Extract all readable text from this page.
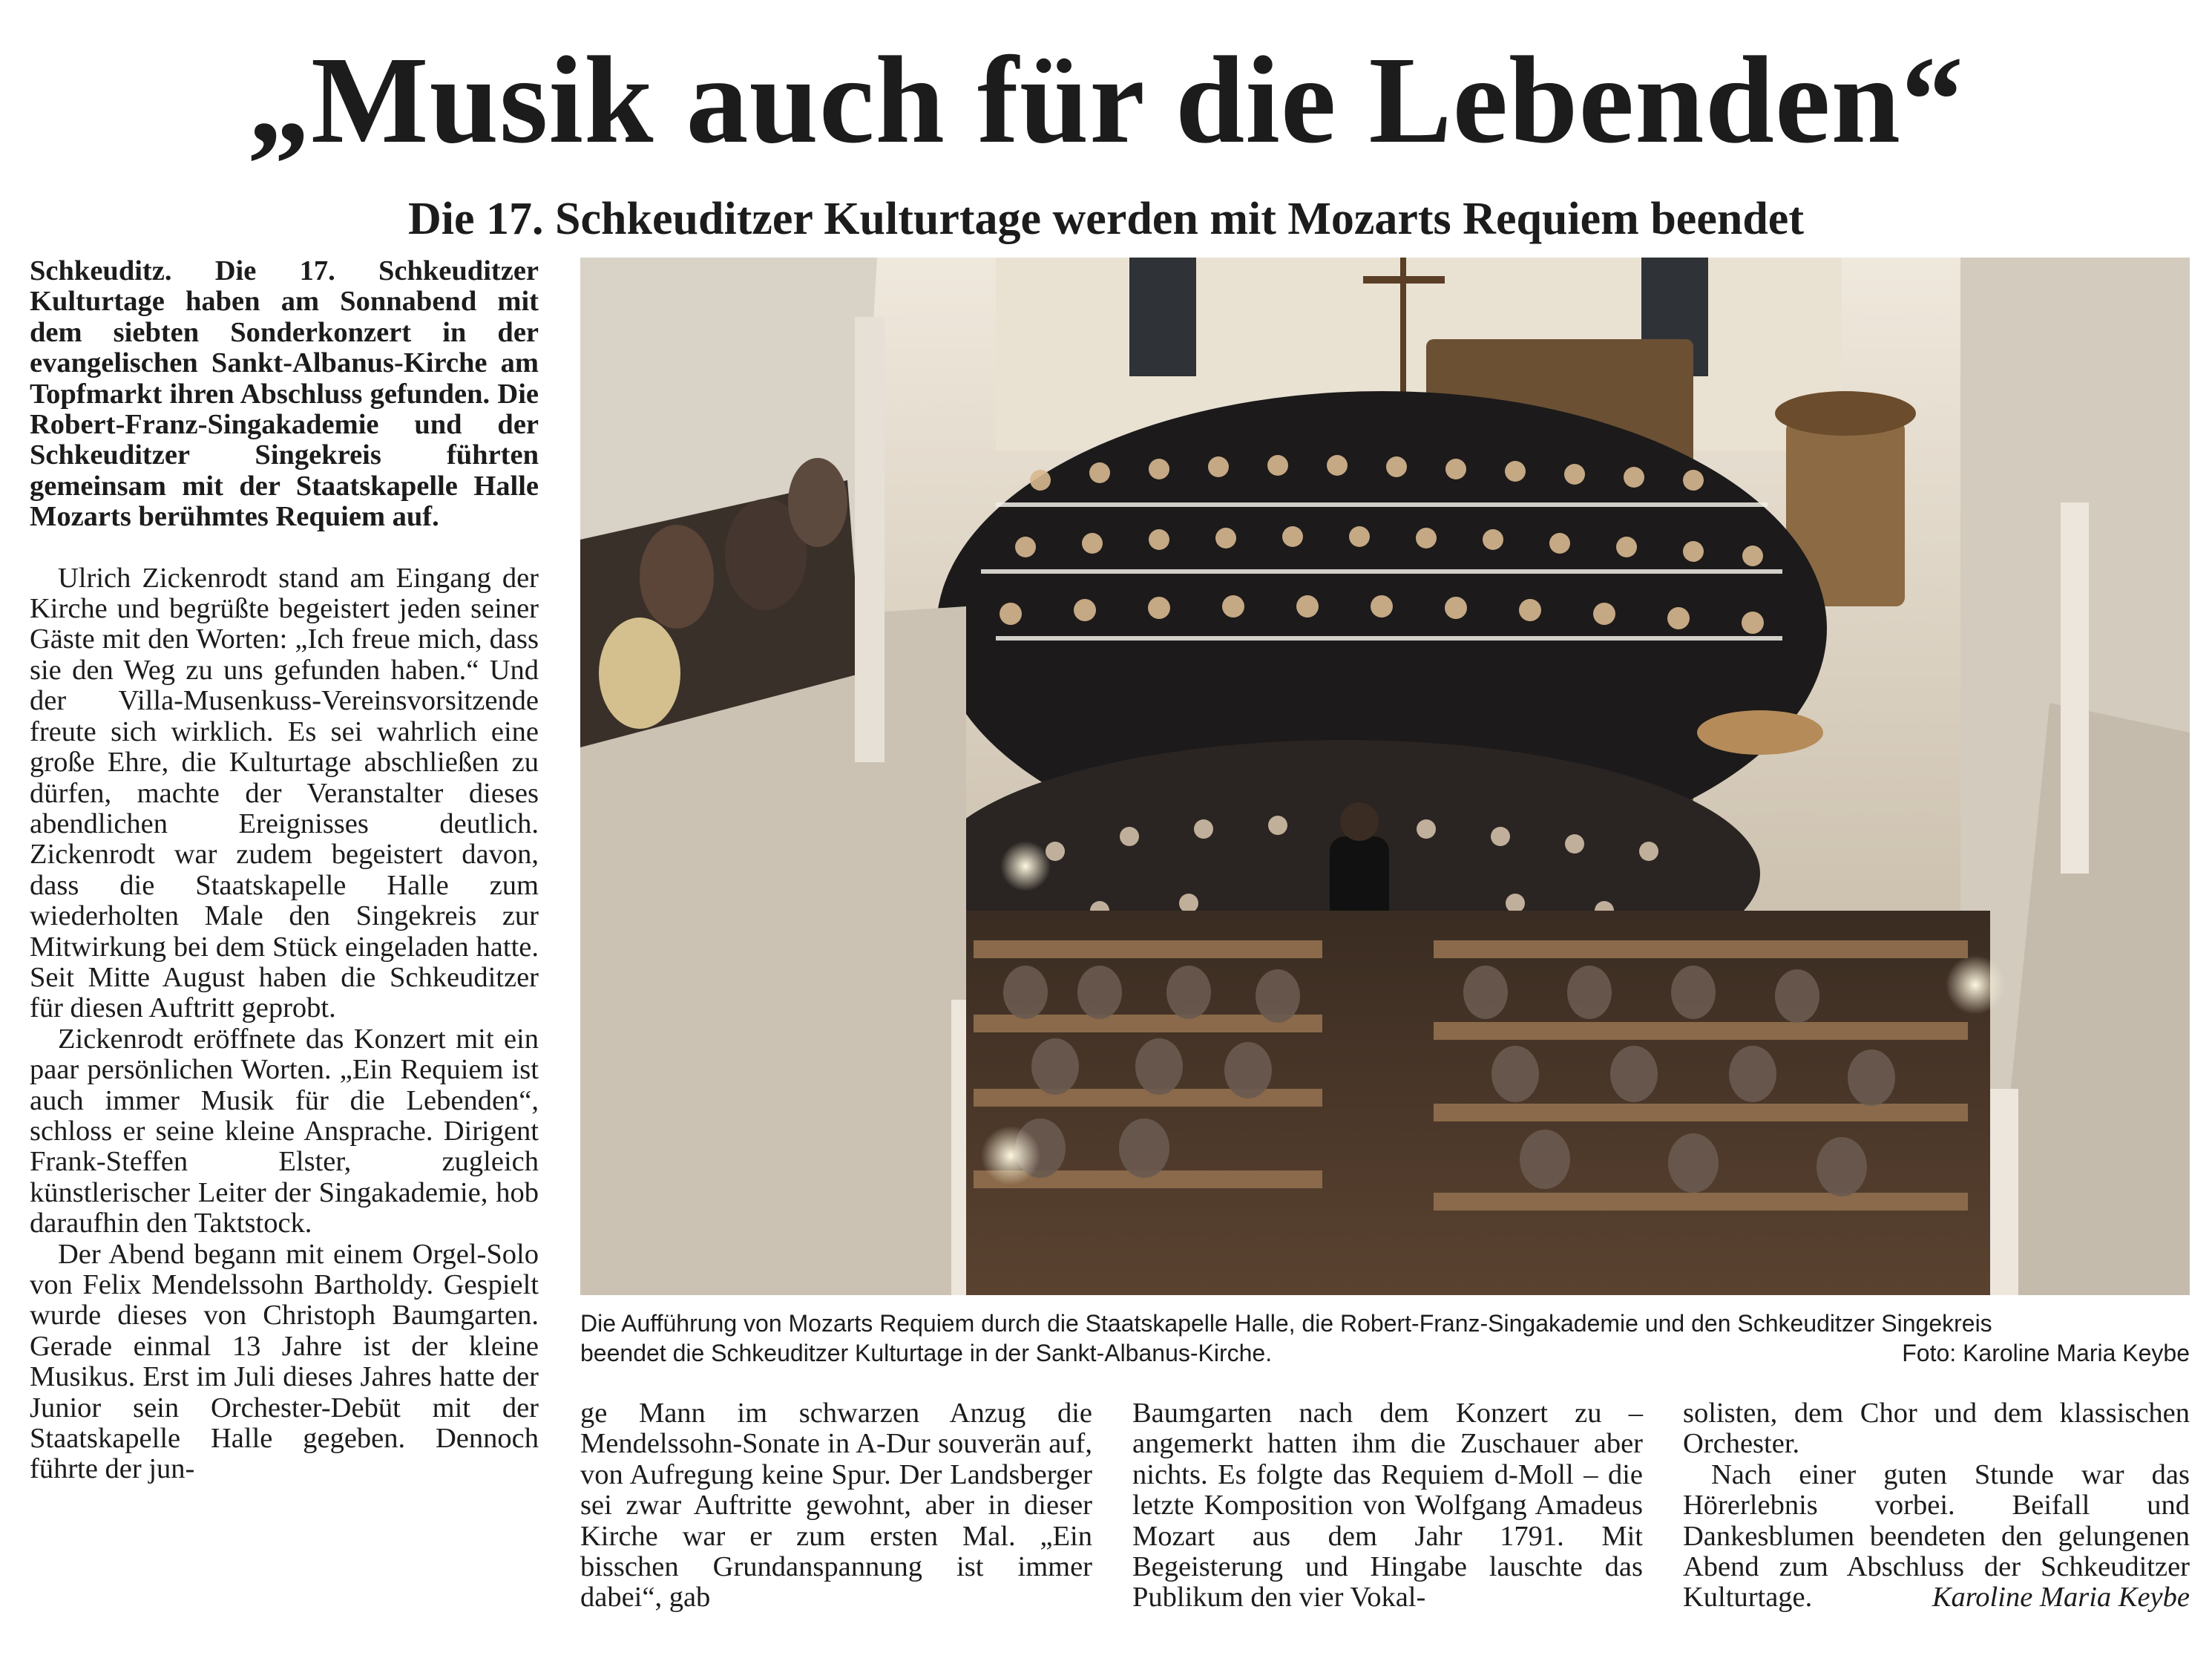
„Musik auch für die Lebenden“
Die 17. Schkeuditzer Kulturtage werden mit Mozarts Requiem beendet

Schkeuditz. Die 17. Schkeuditzer Kulturtage haben am Sonnabend mit dem siebten Sonderkonzert in der evangelischen Sankt-Albanus-Kirche am Topfmarkt ihren Abschluss gefunden. Die Robert-Franz-Singakademie und der Schkeuditzer Singekreis führten gemeinsam mit der Staatskapelle Halle Mozarts berühmtes Requiem auf.

Ulrich Zickenrodt stand am Eingang der Kirche und begrüßte begeistert jeden seiner Gäste mit den Worten: „Ich freue mich, dass sie den Weg zu uns gefunden haben.“ Und der Villa-Musenkuss-Vereinsvorsitzende freute sich wirklich. Es sei wahrlich eine große Ehre, die Kulturtage abschließen zu dürfen, machte der Veranstalter dieses abendlichen Ereignisses deutlich. Zickenrodt war zudem begeistert davon, dass die Staatskapelle Halle zum wiederholten Male den Singekreis zur Mitwirkung bei dem Stück eingeladen hatte. Seit Mitte August haben die Schkeuditzer für diesen Auftritt geprobt.

Zickenrodt eröffnete das Konzert mit ein paar persönlichen Worten. „Ein Requiem ist auch immer Musik für die Lebenden“, schloss er seine kleine Ansprache. Dirigent Frank-Steffen Elster, zugleich künstlerischer Leiter der Singakademie, hob daraufhin den Taktstock.

Der Abend begann mit einem Orgel-Solo von Felix Mendelssohn Bartholdy. Gespielt wurde dieses von Christoph Baumgarten. Gerade einmal 13 Jahre ist der kleine Musikus. Erst im Juli dieses Jahres hatte der Junior sein Orchester-Debüt mit der Staatskapelle Halle gegeben. Dennoch führte der jun-

Die Aufführung von Mozarts Requiem durch die Staatskapelle Halle, die Robert-Franz-Singakademie und den Schkeuditzer Singekreis
beendet die Schkeuditzer Kulturtage in der Sankt-Albanus-Kirche.	Foto: Karoline Maria Keybe

ge Mann im schwarzen Anzug die Mendelssohn-Sonate in A-Dur souverän auf, von Aufregung keine Spur. Der Landsberger sei zwar Auftritte gewohnt, aber in dieser Kirche war er zum ersten Mal. „Ein bisschen Grundanspannung ist immer dabei“, gab

Baumgarten nach dem Konzert zu – angemerkt hatten ihm die Zuschauer aber nichts. Es folgte das Requiem d-Moll – die letzte Komposition von Wolfgang Amadeus Mozart aus dem Jahr 1791. Mit Begeisterung und Hingabe lauschte das Publikum den vier Vokal-

solisten, dem Chor und dem klassischen Orchester.

Nach einer guten Stunde war das Hörerlebnis vorbei. Beifall und Dankesblumen beendeten den gelungenen Abend zum Abschluss der Schkeuditzer Kulturtage.	Karoline Maria Keybe
